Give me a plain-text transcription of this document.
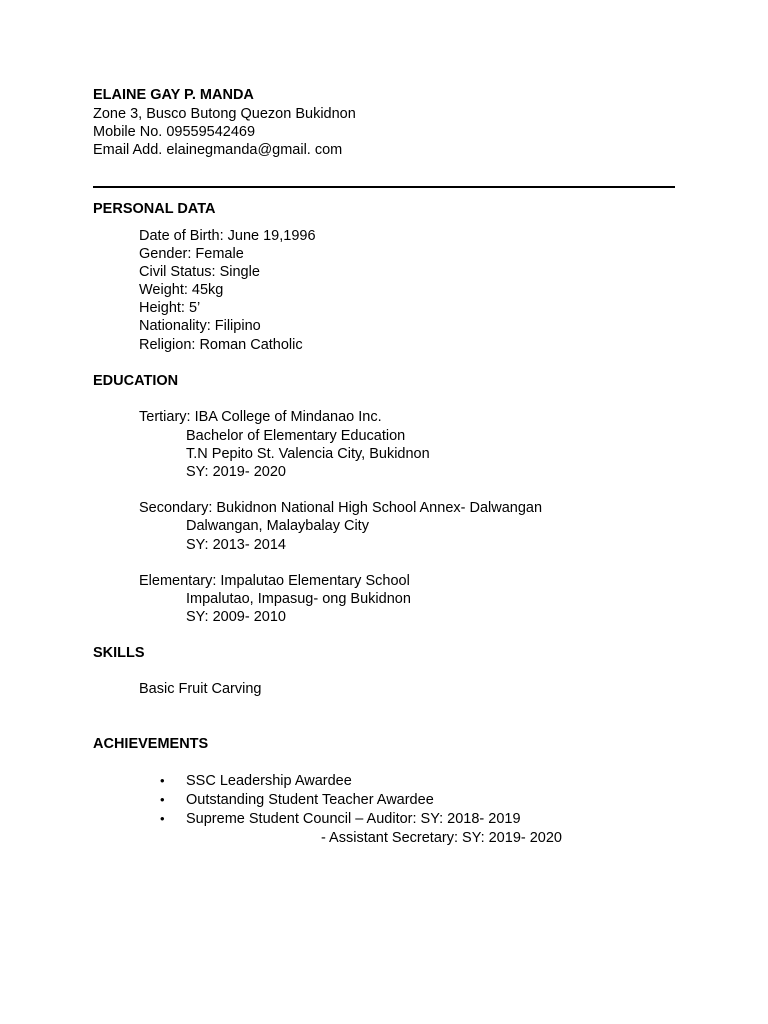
ELAINE GAY P. MANDA
Zone 3, Busco Butong Quezon Bukidnon
Mobile No. 09559542469
Email Add. elainegmanda@gmail. com
PERSONAL DATA
Date of Birth: June 19,1996
Gender: Female
Civil Status: Single
Weight: 45kg
Height: 5’
Nationality: Filipino
Religion: Roman Catholic
EDUCATION
Tertiary: IBA College of Mindanao Inc.
Bachelor of Elementary Education
T.N Pepito St. Valencia City, Bukidnon
SY: 2019- 2020
Secondary: Bukidnon National High School Annex- Dalwangan
Dalwangan, Malaybalay City
SY: 2013- 2014
Elementary: Impalutao Elementary School
Impalutao, Impasug- ong Bukidnon
SY: 2009- 2010
SKILLS
Basic Fruit Carving
ACHIEVEMENTS
• SSC Leadership Awardee
• Outstanding Student Teacher Awardee
• Supreme Student Council – Auditor: SY: 2018- 2019
- Assistant Secretary: SY: 2019- 2020
